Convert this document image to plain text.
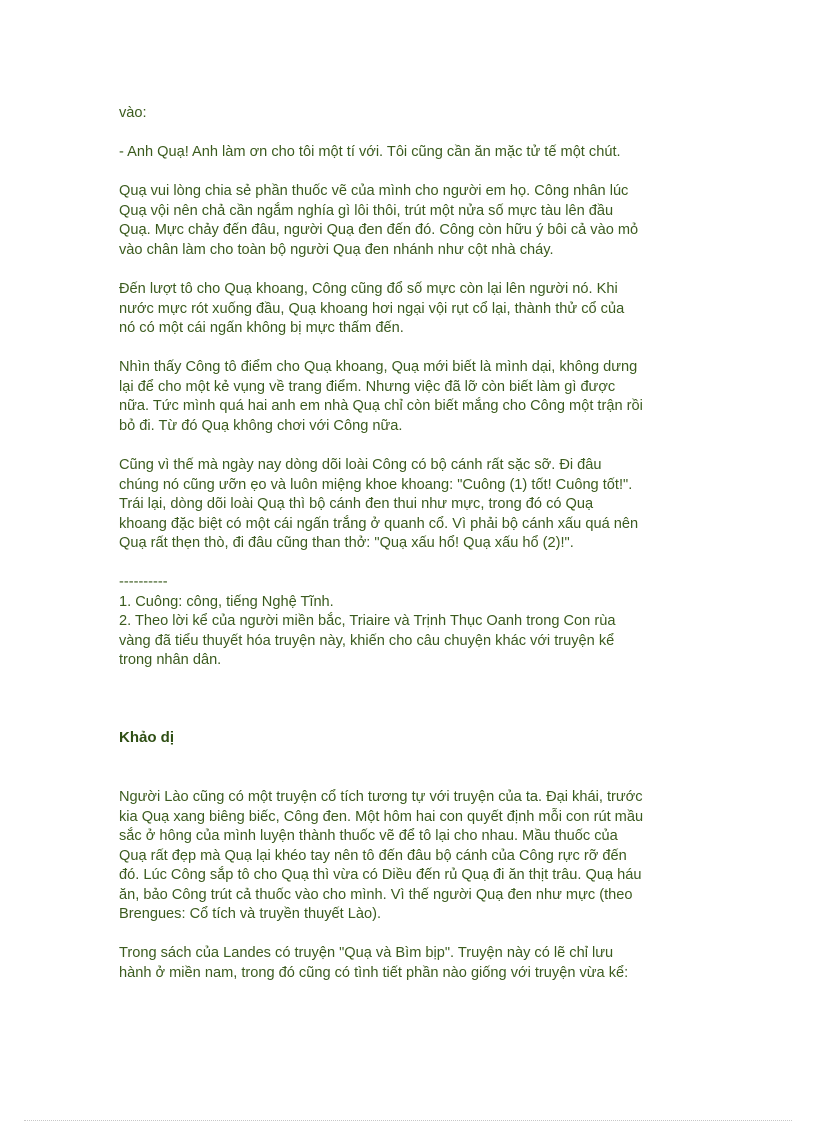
vào:

- Anh Quạ! Anh làm ơn cho tôi một tí với. Tôi cũng cần ăn mặc tử tế một chút.

Quạ vui lòng chia sẻ phần thuốc vẽ của mình cho người em họ. Công nhân lúc
Quạ vội nên chả cần ngắm nghía gì lôi thôi, trút một nửa số mực tàu lên đầu
Quạ. Mực chảy đến đâu, người Quạ đen đến đó. Công còn hữu ý bôi cả vào mỏ
vào chân làm cho toàn bộ người Quạ đen nhánh như cột nhà cháy.

Đến lượt tô cho Quạ khoang, Công cũng đổ số mực còn lại lên người nó. Khi
nước mực rót xuống đầu, Quạ khoang hơi ngại vội rụt cổ lại, thành thử cổ của
nó có một cái ngấn không bị mực thấm đến.

Nhìn thấy Công tô điểm cho Quạ khoang, Quạ mới biết là mình dại, không dưng
lại để cho một kẻ vụng về trang điểm. Nhưng việc đã lỡ còn biết làm gì được
nữa. Tức mình quá hai anh em nhà Quạ chỉ còn biết mắng cho Công một trận rồi
bỏ đi. Từ đó Quạ không chơi với Công nữa.

Cũng vì thế mà ngày nay dòng dõi loài Công có bộ cánh rất sặc sỡ. Đi đâu
chúng nó cũng ưỡn ẹo và luôn miệng khoe khoang: "Cuông (1) tốt! Cuông tốt!".
Trái lại, dòng dõi loài Quạ thì bộ cánh đen thui như mực, trong đó có Quạ
khoang đặc biệt có một cái ngấn trắng ở quanh cổ. Vì phải bộ cánh xấu quá nên
Quạ rất thẹn thò, đi đâu cũng than thở: "Quạ xấu hổ! Quạ xấu hổ (2)!".

----------
1. Cuông: công, tiếng Nghệ Tĩnh.
2. Theo lời kể của người miền bắc, Triaire và Trịnh Thục Oanh trong Con rùa
vàng đã tiểu thuyết hóa truyện này, khiến cho câu chuyện khác với truyện kể
trong nhân dân.

Khảo dị

Người Lào cũng có một truyện cổ tích tương tự với truyện của ta. Đại khái, trước
kia Quạ xang biêng biếc, Công đen. Một hôm hai con quyết định mỗi con rút mầu
sắc ở hông của mình luyện thành thuốc vẽ để tô lại cho nhau. Mầu thuốc của
Quạ rất đẹp mà Quạ lại khéo tay nên tô đến đâu bộ cánh của Công rực rỡ đến
đó. Lúc Công sắp tô cho Quạ thì vừa có Diều đến rủ Quạ đi ăn thịt trâu. Quạ háu
ăn, bảo Công trút cả thuốc vào cho mình. Vì thế người Quạ đen như mực (theo
Brengues: Cổ tích và truyền thuyết Lào).

Trong sách của Landes có truyện "Quạ và Bìm bịp". Truyện này có lẽ chỉ lưu
hành ở miền nam, trong đó cũng có tình tiết phần nào giống với truyện vừa kể:
